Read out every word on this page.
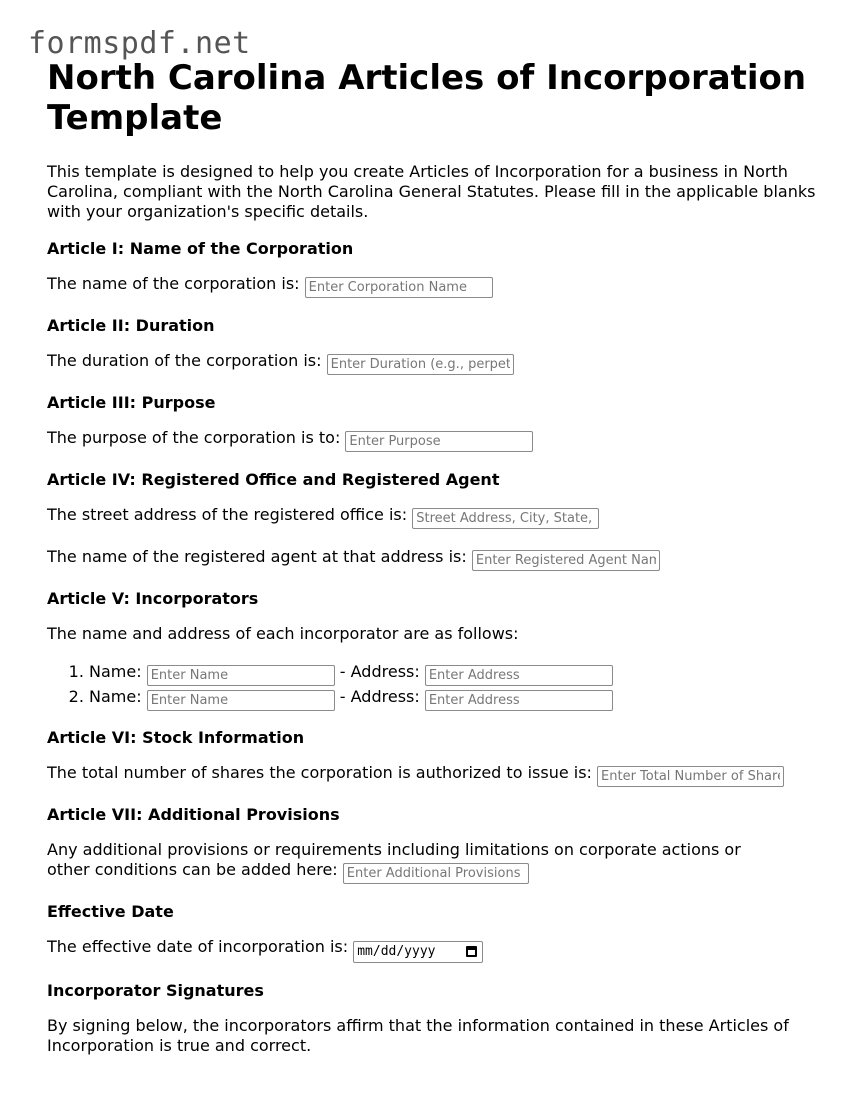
formspdf.net
North Carolina Articles of Incorporation Template

This template is designed to help you create Articles of Incorporation for a business in North Carolina, compliant with the North Carolina General Statutes. Please fill in the applicable blanks with your organization's specific details.

Article I: Name of the Corporation
The name of the corporation is: Enter Corporation Name
Article II: Duration
The duration of the corporation is: Enter Duration (e.g., perpetual)
Article III: Purpose
The purpose of the corporation is to: Enter Purpose
Article IV: Registered Office and Registered Agent
The street address of the registered office is: Street Address, City, State, ZIP
The name of the registered agent at that address is: Enter Registered Agent Name
Article V: Incorporators
The name and address of each incorporator are as follows:
1. Name: Enter Name	- Address: Enter Address
2. Name: Enter Name	- Address: Enter Address
Article VI: Stock Information
The total number of shares the corporation is authorized to issue is: Enter Total Number of Shares
Article VII: Additional Provisions
Any additional provisions or requirements including limitations on corporate actions or
other conditions can be added here: Enter Additional Provisions
Effective Date
The effective date of incorporation is: mm/dd/yyyy
Incorporator Signatures

By signing below, the incorporators affirm that the information contained in these Articles of Incorporation is true and correct.
